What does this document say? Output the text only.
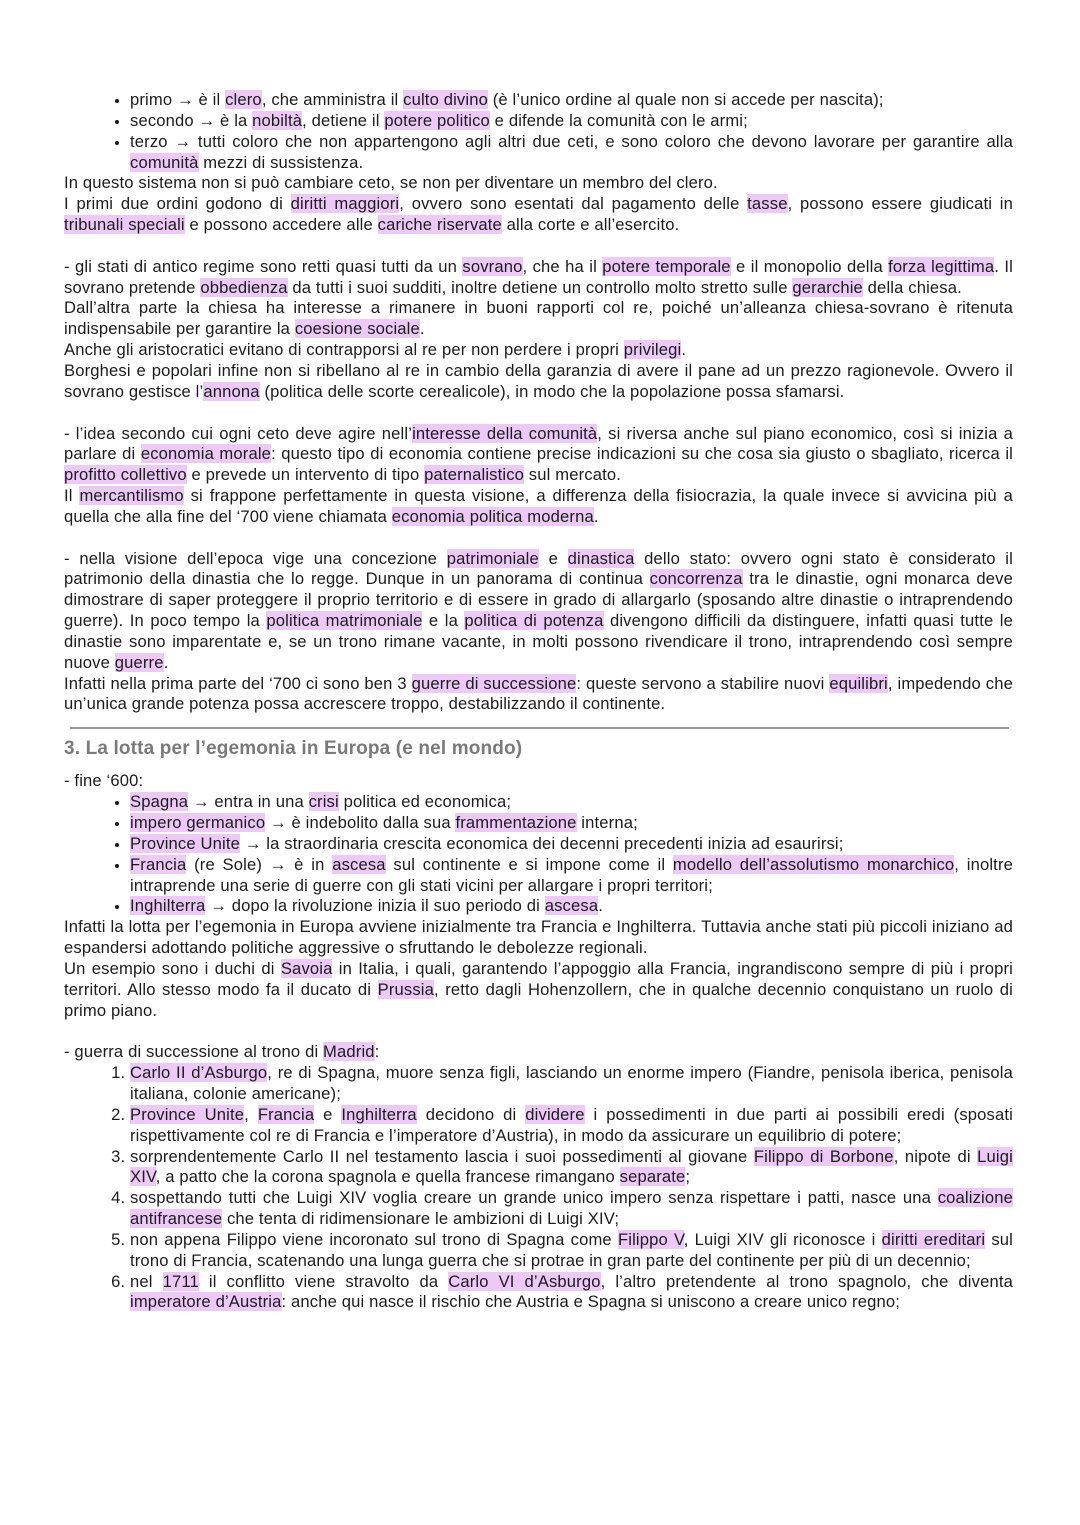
• primo → è il clero, che amministra il culto divino (è l’unico ordine al quale non si accede per nascita);
• secondo → è la nobiltà, detiene il potere politico e difende la comunità con le armi;
• terzo → tutti coloro che non appartengono agli altri due ceti, e sono coloro che devono lavorare per garantire alla comunità mezzi di sussistenza.

In questo sistema non si può cambiare ceto, se non per diventare un membro del clero.

I primi due ordini godono di diritti maggiori, ovvero sono esentati dal pagamento delle tasse, possono essere giudicati in tribunali speciali e possono accedere alle cariche riservate alla corte e all’esercito.

- gli stati di antico regime sono retti quasi tutti da un sovrano, che ha il potere temporale e il monopolio della forza legittima. Il sovrano pretende obbedienza da tutti i suoi sudditi, inoltre detiene un controllo molto stretto sulle gerarchie della chiesa.

Dall’altra parte la chiesa ha interesse a rimanere in buoni rapporti col re, poiché un’alleanza chiesa-sovrano è ritenuta indispensabile per garantire la coesione sociale.

Anche gli aristocratici evitano di contrapporsi al re per non perdere i propri privilegi.

Borghesi e popolari infine non si ribellano al re in cambio della garanzia di avere il pane ad un prezzo ragionevole. Ovvero il sovrano gestisce l’annona (politica delle scorte cerealicole), in modo che la popolazione possa sfamarsi.

- l’idea secondo cui ogni ceto deve agire nell’interesse della comunità, si riversa anche sul piano economico, così si inizia a parlare di economia morale: questo tipo di economia contiene precise indicazioni su che cosa sia giusto o sbagliato, ricerca il profitto collettivo e prevede un intervento di tipo paternalistico sul mercato.

Il mercantilismo si frappone perfettamente in questa visione, a differenza della fisiocrazia, la quale invece si avvicina più a quella che alla fine del ‘700 viene chiamata economia politica moderna.

- nella visione dell’epoca vige una concezione patrimoniale e dinastica dello stato: ovvero ogni stato è considerato il patrimonio della dinastia che lo regge. Dunque in un panorama di continua concorrenza tra le dinastie, ogni monarca deve dimostrare di saper proteggere il proprio territorio e di essere in grado di allargarlo (sposando altre dinastie o intraprendendo guerre). In poco tempo la politica matrimoniale e la politica di potenza divengono difficili da distinguere, infatti quasi tutte le dinastie sono imparentate e, se un trono rimane vacante, in molti possono rivendicare il trono, intraprendendo così sempre nuove guerre.

Infatti nella prima parte del ‘700 ci sono ben 3 guerre di successione: queste servono a stabilire nuovi equilibri, impedendo che un’unica grande potenza possa accrescere troppo, destabilizzando il continente.

3. La lotta per l’egemonia in Europa (e nel mondo)

- fine ‘600:

• Spagna → entra in una crisi politica ed economica;
• impero germanico → è indebolito dalla sua frammentazione interna;
• Province Unite → la straordinaria crescita economica dei decenni precedenti inizia ad esaurirsi;
• Francia (re Sole) → è in ascesa sul continente e si impone come il modello dell’assolutismo monarchico, inoltre intraprende una serie di guerre con gli stati vicini per allargare i propri territori;
• Inghilterra → dopo la rivoluzione inizia il suo periodo di ascesa.

Infatti la lotta per l’egemonia in Europa avviene inizialmente tra Francia e Inghilterra. Tuttavia anche stati più piccoli iniziano ad espandersi adottando politiche aggressive o sfruttando le debolezze regionali.

Un esempio sono i duchi di Savoia in Italia, i quali, garantendo l’appoggio alla Francia, ingrandiscono sempre di più i propri territori. Allo stesso modo fa il ducato di Prussia, retto dagli Hohenzollern, che in qualche decennio conquistano un ruolo di primo piano.

- guerra di successione al trono di Madrid:

1. Carlo II d’Asburgo, re di Spagna, muore senza figli, lasciando un enorme impero (Fiandre, penisola iberica, penisola italiana, colonie americane);
2. Province Unite, Francia e Inghilterra decidono di dividere i possedimenti in due parti ai possibili eredi (sposati rispettivamente col re di Francia e l’imperatore d’Austria), in modo da assicurare un equilibrio di potere;
3. sorprendentemente Carlo II nel testamento lascia i suoi possedimenti al giovane Filippo di Borbone, nipote di Luigi XIV, a patto che la corona spagnola e quella francese rimangano separate;
4. sospettando tutti che Luigi XIV voglia creare un grande unico impero senza rispettare i patti, nasce una coalizione antifrancese che tenta di ridimensionare le ambizioni di Luigi XIV;
5. non appena Filippo viene incoronato sul trono di Spagna come Filippo V, Luigi XIV gli riconosce i diritti ereditari sul trono di Francia, scatenando una lunga guerra che si protrae in gran parte del continente per più di un decennio;
6. nel 1711 il conflitto viene stravolto da Carlo VI d’Asburgo, l’altro pretendente al trono spagnolo, che diventa imperatore d’Austria: anche qui nasce il rischio che Austria e Spagna si uniscono a creare unico regno;
